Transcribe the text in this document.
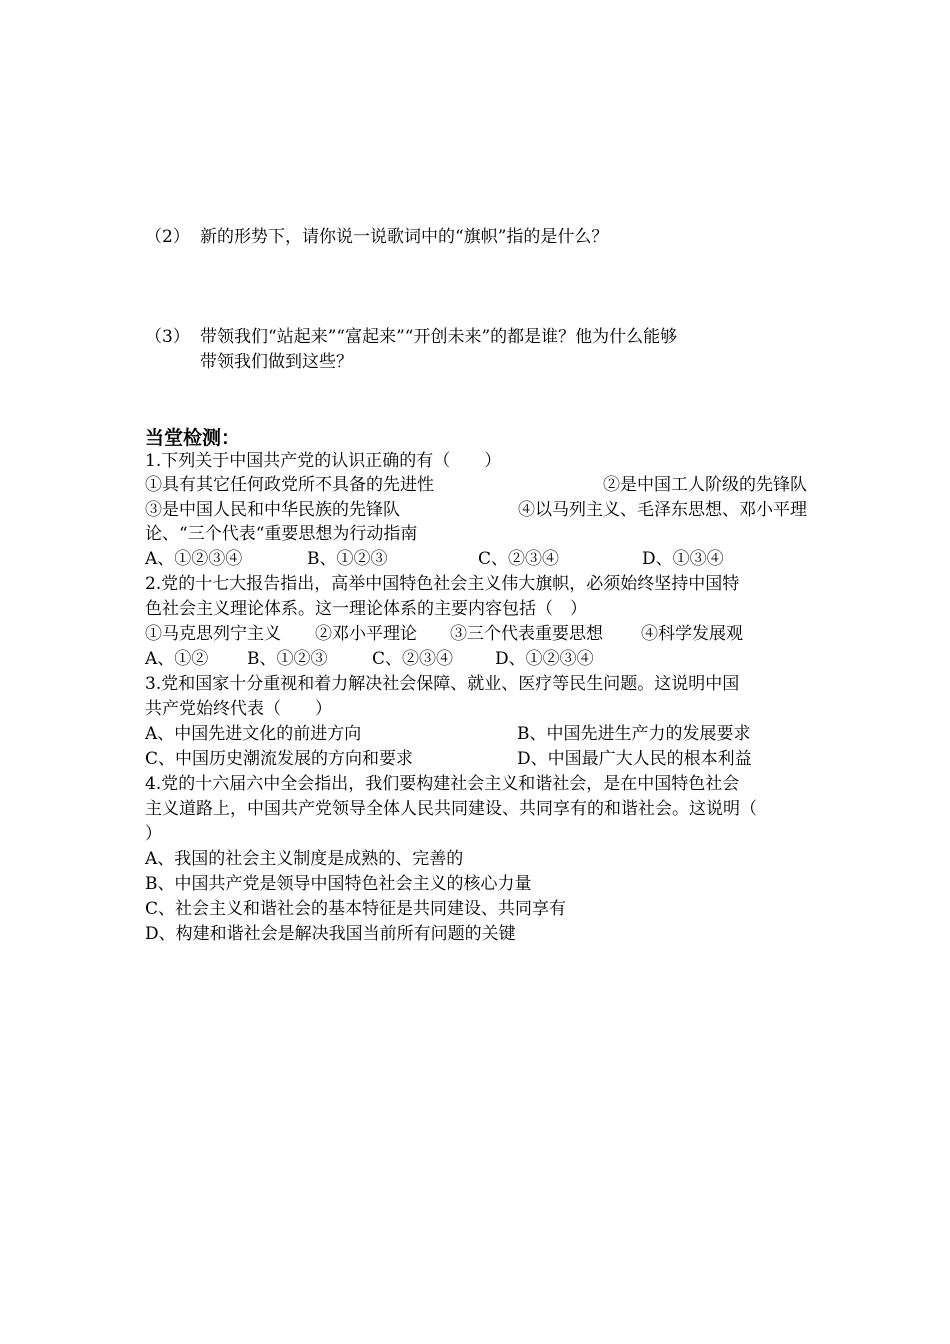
（2） 新的形势下，请你说一说歌词中的“旗帜”指的是什么？
（3） 带领我们“站起来”“富起来”“开创未来”的都是谁？他为什么能够
带领我们做到这些？
当堂检测：
1.下列关于中国共产党的认识正确的有（　　）
①具有其它任何政党所不具备的先进性	②是中国工人阶级的先锋队
③是中国人民和中华民族的先锋队	④以马列主义、毛泽东思想、邓小平理
论、“三个代表“重要思想为行动指南
A、①②③④	B、①②③	C、②③④	D、①③④
2.党的十七大报告指出，高举中国特色社会主义伟大旗帜，必须始终坚持中国特
色社会主义理论体系。这一理论体系的主要内容包括（　）
①马克思列宁主义 ②邓小平理论 ③三个代表重要思想 ④科学发展观
A、①② B、①②③	C、②③④ D、①②③④
3.党和国家十分重视和着力解决社会保障、就业、医疗等民生问题。这说明中国
共产党始终代表（　　）
A、中国先进文化的前进方向	B、中国先进生产力的发展要求
C、中国历史潮流发展的方向和要求	D、中国最广大人民的根本利益
4.党的十六届六中全会指出，我们要构建社会主义和谐社会，是在中国特色社会
主义道路上，中国共产党领导全体人民共同建设、共同享有的和谐社会。这说明（
）
A、我国的社会主义制度是成熟的、完善的
B、中国共产党是领导中国特色社会主义的核心力量
C、社会主义和谐社会的基本特征是共同建设、共同享有
D、构建和谐社会是解决我国当前所有问题的关键
